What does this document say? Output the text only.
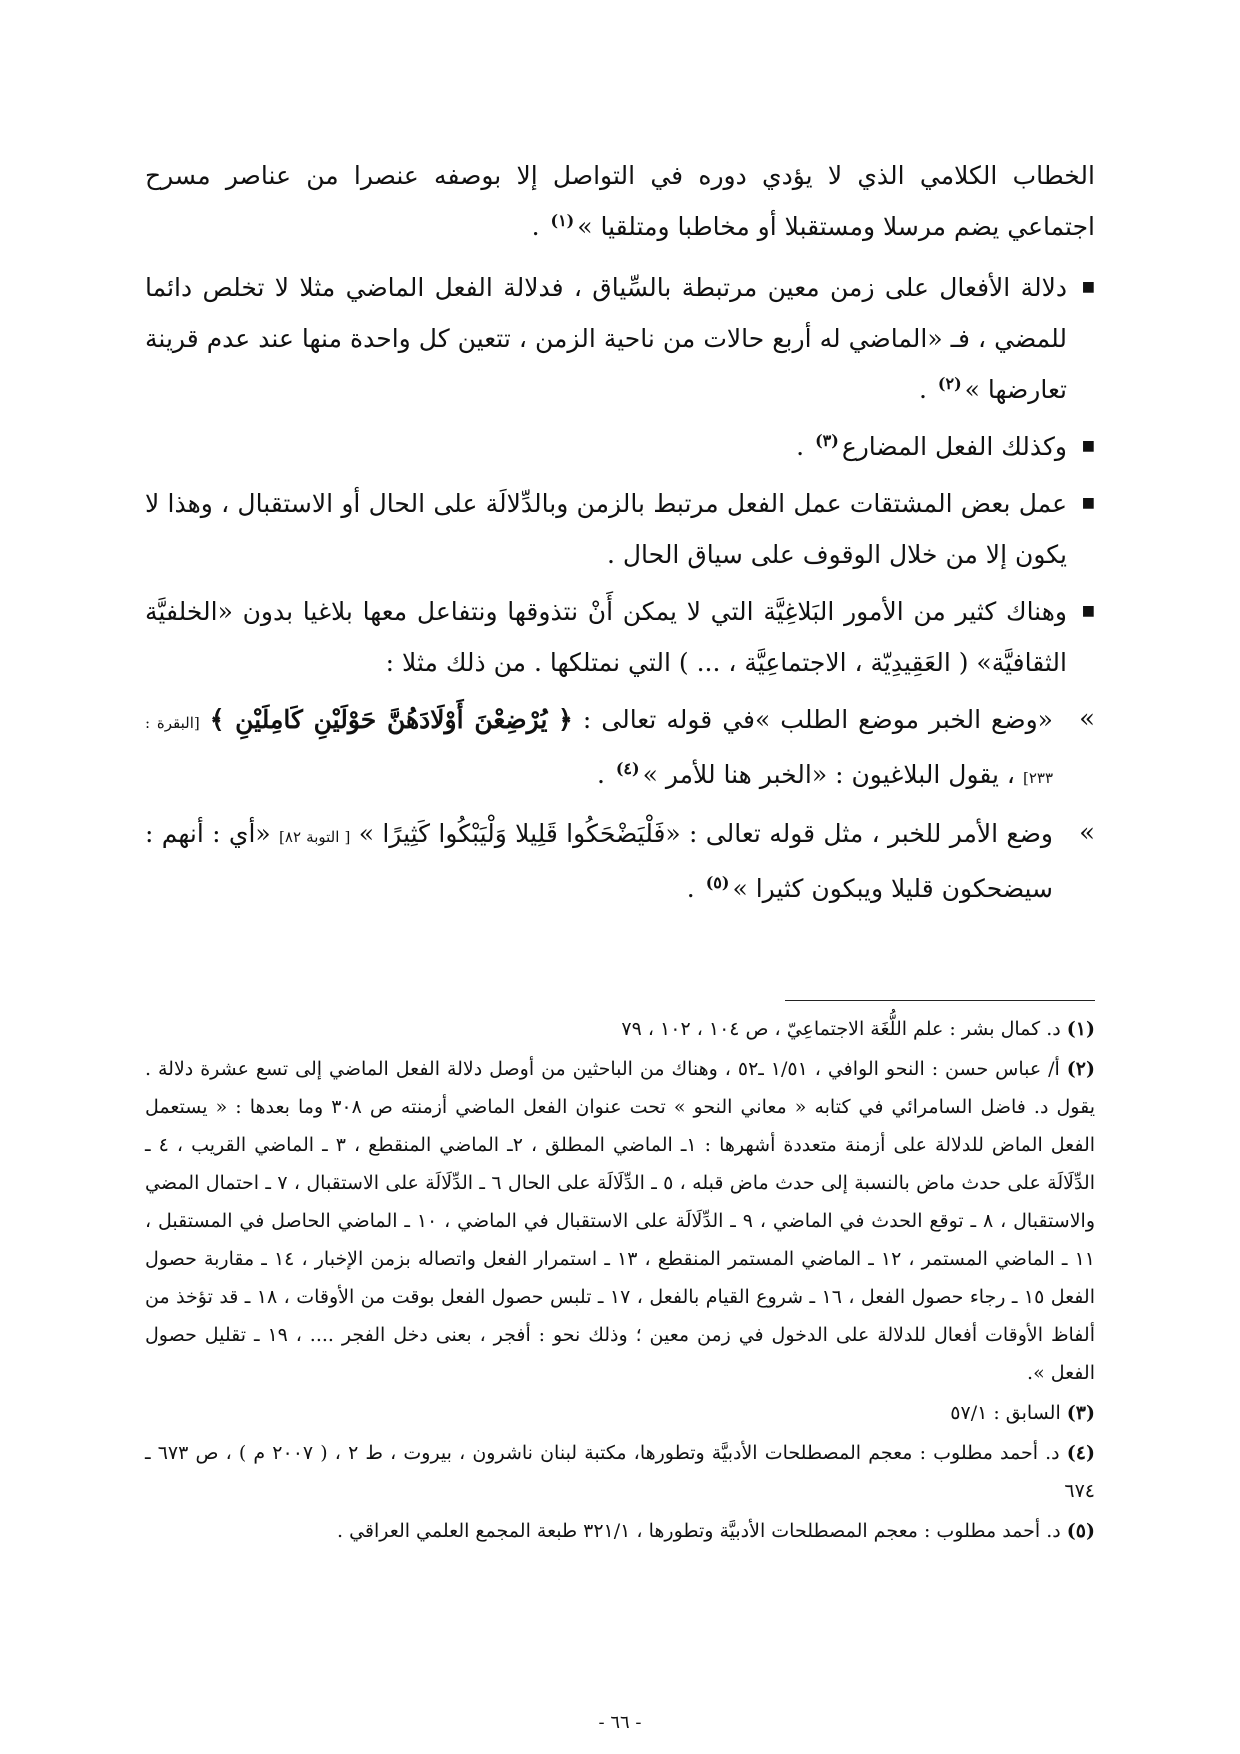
الخطاب الكلامي الذي لا يؤدي دوره في التواصل إلا بوصفه عنصرا من عناصر مسرح اجتماعي يضم مرسلا ومستقبلا أو مخاطبا ومتلقيا »$^{(١)}$ .

■
دلالة الأفعال على زمن معين مرتبطة بالسِّياق ، فدلالة الفعل الماضي مثلا لا تخلص دائما للمضي ، فـ «الماضي له أربع حالات من ناحية الزمن ، تتعين كل واحدة منها عند عدم قرينة تعارضها »$^{(٢)}$ .
■
وكذلك الفعل المضارع$^{(٣)}$ .
■
عمل بعض المشتقات عمل الفعل مرتبط بالزمن وبالدِّلالَة على الحال أو الاستقبال ، وهذا لا يكون إلا من خلال الوقوف على سياق الحال .
■
وهناك كثير من الأمور البَلاغِيَّة التي لا يمكن أَنْ نتذوقها ونتفاعل معها بلاغيا بدون «الخلفيَّة الثقافيَّة» ( العَقِيدِيّة ، الاجتماعِيَّة ، ... ) التي نمتلكها . من ذلك مثلا :
»
«وضع الخبر موضع الطلب »في قوله تعالى : ﴿ يُرْضِعْنَ أَوْلَادَهُنَّ حَوْلَيْنِ كَامِلَيْنِ ﴾ [البقرة : ٢٣٣] ، يقول البلاغيون : «الخبر هنا للأمر »$^{(٤)}$ .
»
وضع الأمر للخبر ، مثل قوله تعالى : «فَلْيَضْحَكُوا قَلِيلا وَلْيَبْكُوا كَثِيرًا » [ التوبة ٨٢] «أي : أنهم : سيضحكون قليلا ويبكون كثيرا »$^{(٥)}$ .

(١) د. كمال بشر : علم اللُّغَة الاجتماعِيّ ، ص ١٠٤ ، ١٠٢ ، ٧٩

(٢) أ/ عباس حسن : النحو الوافي ، ١/٥١ ـ٥٢ ، وهناك من الباحثين من أوصل دلالة الفعل الماضي إلى تسع عشرة دلالة . يقول د. فاضل السامرائي في كتابه « معاني النحو » تحت عنوان الفعل الماضي أزمنته ص ٣٠٨ وما بعدها : « يستعمل الفعل الماض للدلالة على أزمنة متعددة أشهرها : ١ـ الماضي المطلق ، ٢ـ الماضي المنقطع ، ٣ ـ الماضي القريب ، ٤ ـ الدِّلَالَة على حدث ماض بالنسبة إلى حدث ماض قبله ، ٥ ـ الدِّلَالَة على الحال ٦ ـ الدِّلَالَة على الاستقبال ، ٧ ـ احتمال المضي والاستقبال ، ٨ ـ توقع الحدث في الماضي ، ٩ ـ الدِّلَالَة على الاستقبال في الماضي ، ١٠ ـ الماضي الحاصل في المستقبل ، ١١ ـ الماضي المستمر ، ١٢ ـ الماضي المستمر المنقطع ، ١٣ ـ استمرار الفعل واتصاله بزمن الإخبار ، ١٤ ـ مقاربة حصول الفعل ١٥ ـ رجاء حصول الفعل ، ١٦ ـ شروع القيام بالفعل ، ١٧ ـ تلبس حصول الفعل بوقت من الأوقات ، ١٨ ـ قد تؤخذ من ألفاظ الأوقات أفعال للدلالة على الدخول في زمن معين ؛ وذلك نحو : أفجر ، بعنى دخل الفجر .... ، ١٩ ـ تقليل حصول الفعل ».

(٣) السابق : ٥٧/١

(٤) د. أحمد مطلوب : معجم المصطلحات الأدبيَّة وتطورها، مكتبة لبنان ناشرون ، بيروت ، ط ٢ ، ( ٢٠٠٧ م ) ، ص ٦٧٣ ـ ٦٧٤

(٥) د. أحمد مطلوب : معجم المصطلحات الأدبيَّة وتطورها ، ٣٢١/١ طبعة المجمع العلمي العراقي .

- ٦٦ -
